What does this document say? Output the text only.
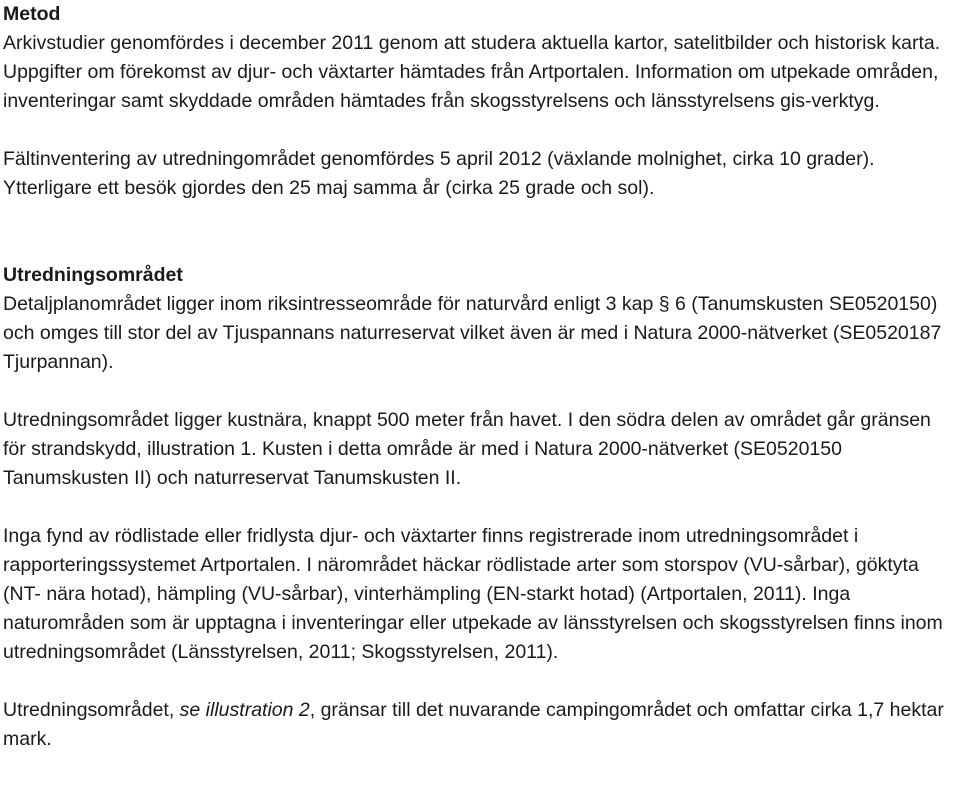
Metod

Arkivstudier genomfördes i december 2011 genom att studera aktuella kartor, satelitbilder och historisk karta. Uppgifter om förekomst av djur- och växtarter hämtades från Artportalen. Information om utpekade områden, inventeringar samt skyddade områden hämtades från skogsstyrelsens och länsstyrelsens gis-verktyg.

Fältinventering av utredningområdet genomfördes 5 april 2012 (växlande molnighet, cirka 10 grader). Ytterligare ett besök gjordes den 25 maj samma år (cirka 25 grade och sol).

Utredningsområdet

Detaljplanområdet ligger inom riksintresseområde för naturvård enligt 3 kap § 6 (Tanumskusten SE0520150) och omges till stor del av Tjuspannans naturreservat vilket även är med i Natura 2000-nätverket (SE0520187 Tjurpannan).

Utredningsområdet ligger kustnära, knappt 500 meter från havet. I den södra delen av området går gränsen för strandskydd, illustration 1. Kusten i detta område är med i Natura 2000-nätverket (SE0520150 Tanumskusten II) och naturreservat Tanumskusten II.

Inga fynd av rödlistade eller fridlysta djur- och växtarter finns registrerade inom utredningsområdet i rapporteringssystemet Artportalen. I närområdet häckar rödlistade arter som storspov (VU-sårbar), göktyta (NT- nära hotad), hämpling (VU-sårbar), vinterhämpling (EN-starkt hotad) (Artportalen, 2011). Inga naturområden som är upptagna i inventeringar eller utpekade av länsstyrelsen och skogsstyrelsen finns inom utredningsområdet (Länsstyrelsen, 2011; Skogsstyrelsen, 2011).

Utredningsområdet, se illustration 2, gränsar till det nuvarande campingområdet och omfattar cirka 1,7 hektar mark.
